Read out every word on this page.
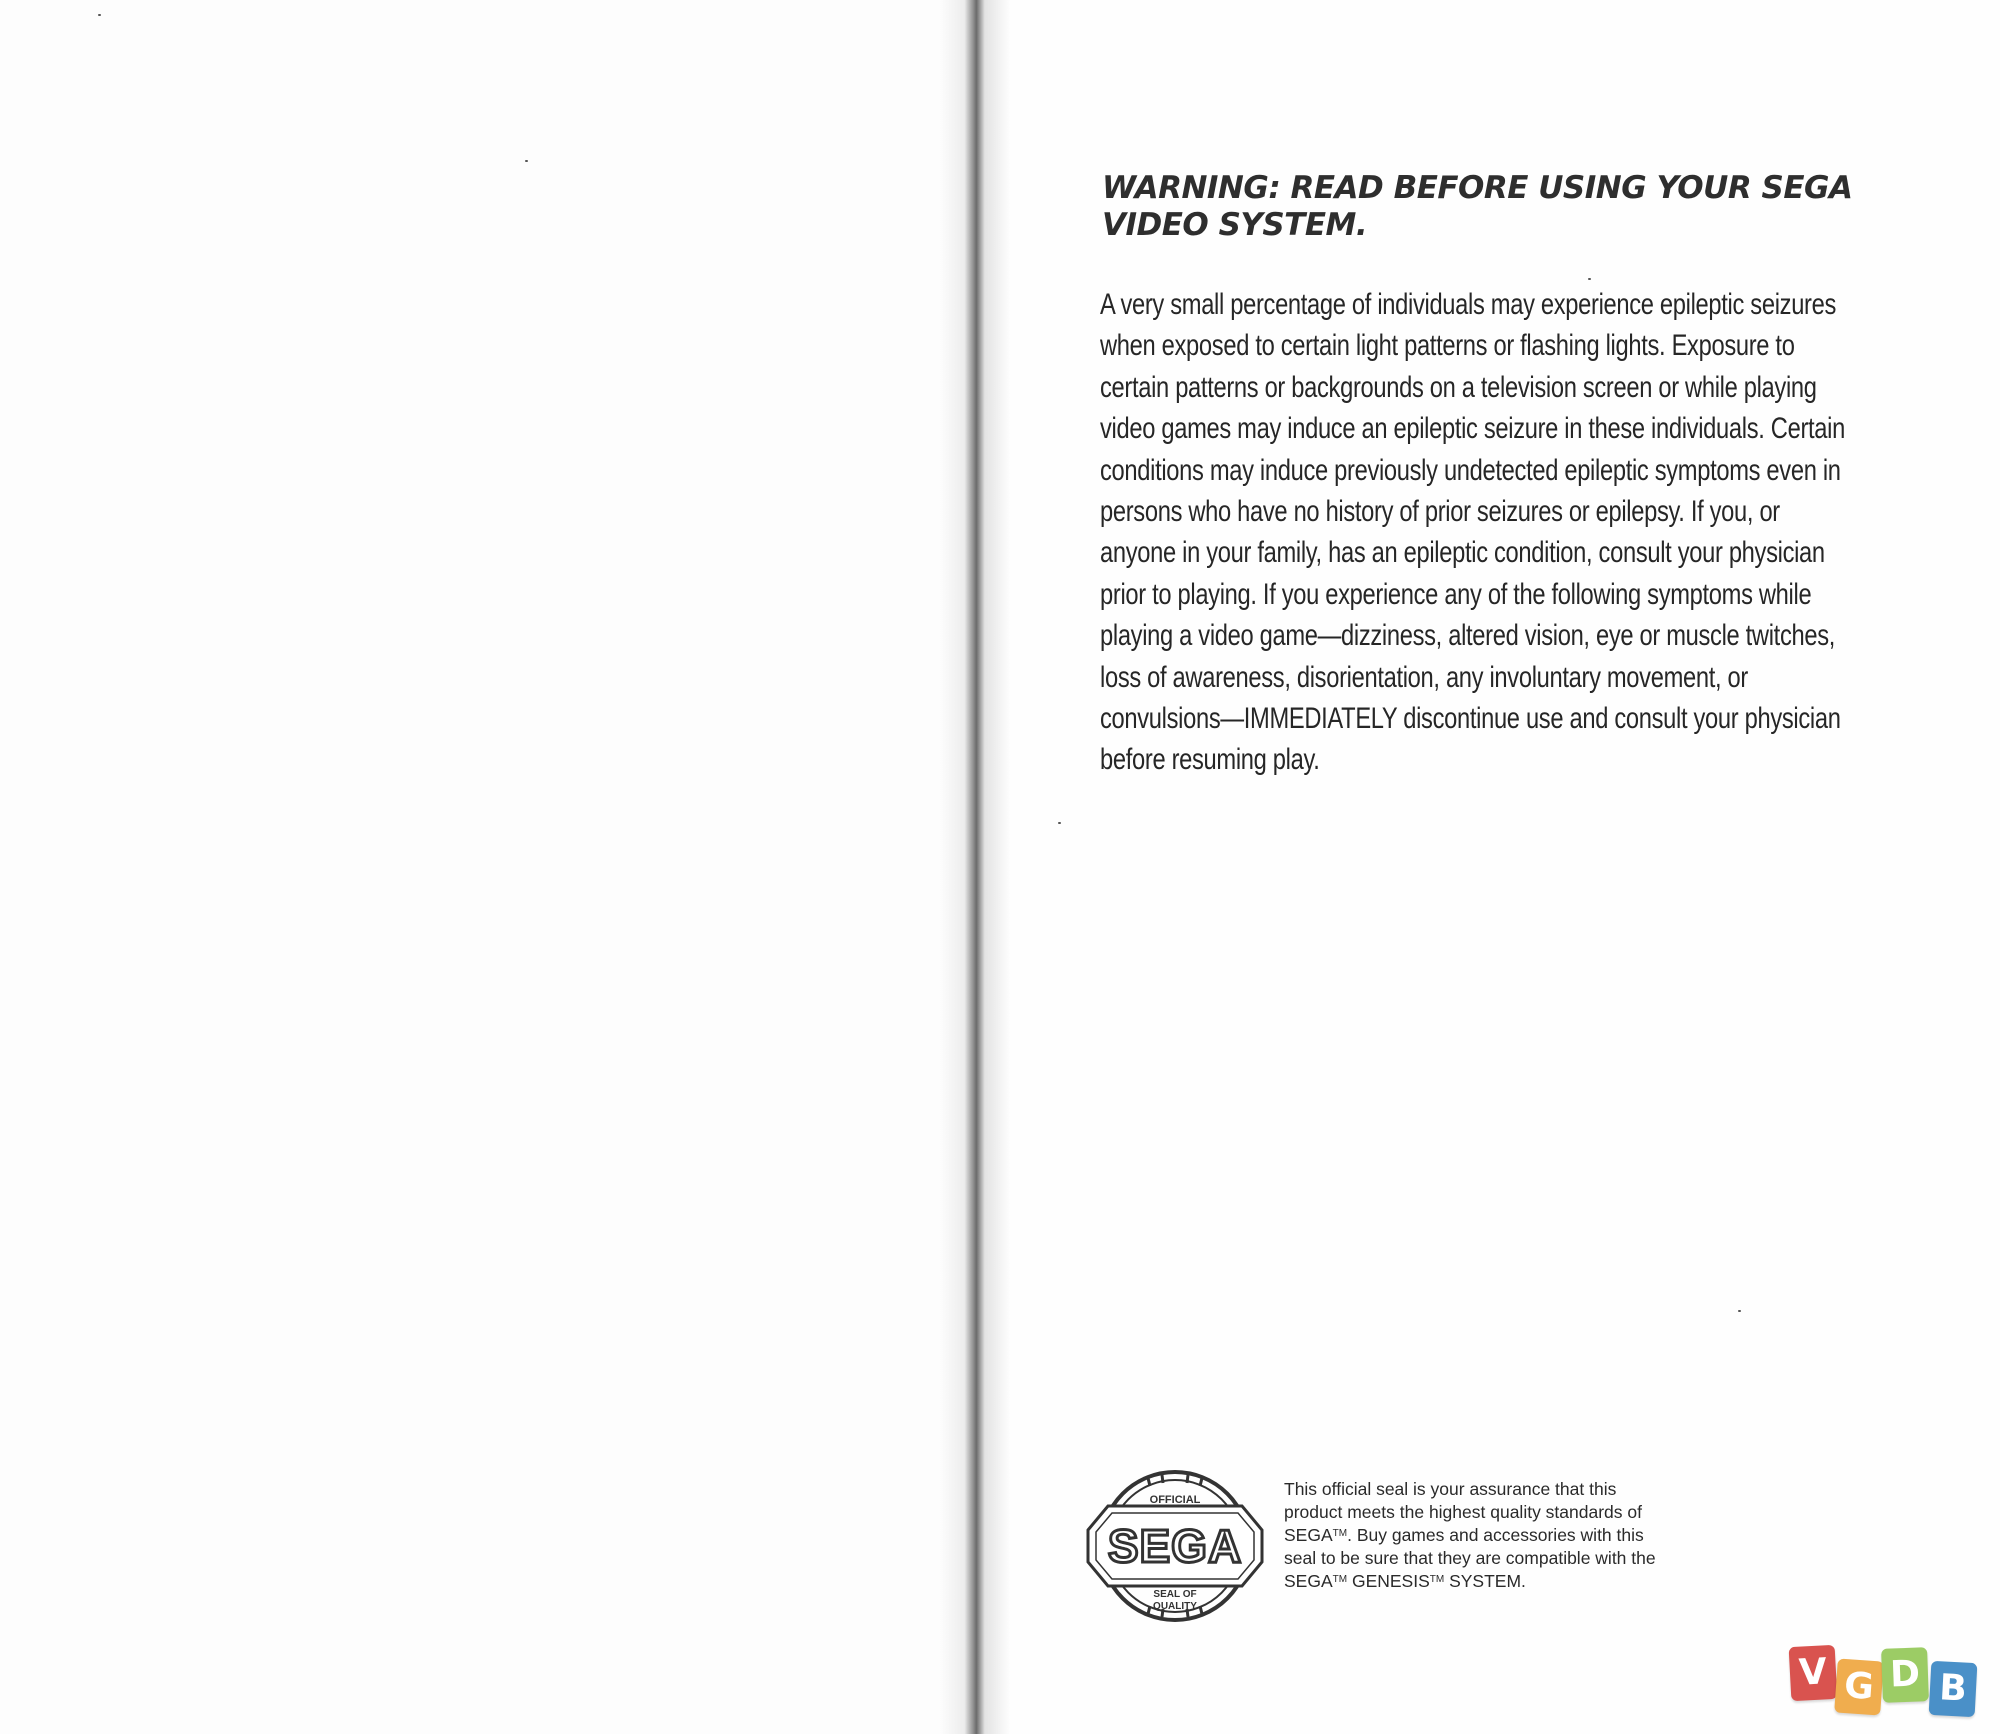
WARNING: READ BEFORE USING YOUR SEGA VIDEO SYSTEM.
A very small percentage of individuals may experience epileptic seizures when exposed to certain light patterns or flashing lights. Exposure to certain patterns or backgrounds on a television screen or while playing video games may induce an epileptic seizure in these individuals. Certain conditions may induce previously undetected epileptic symptoms even in persons who have no history of prior seizures or epilepsy. If you, or anyone in your family, has an epileptic condition, consult your physician prior to playing. If you experience any of the following symptoms while playing a video game—dizziness, altered vision, eye or muscle twitches, loss of awareness, disorientation, any involuntary movement, or convulsions—IMMEDIATELY discontinue use and consult your physician before resuming play.
OFFICIAL
SEGA
SEAL OF
QUALITY
This official seal is your assurance that this product meets the highest quality standards of SEGA™. Buy games and accessories with this seal to be sure that they are compatible with the SEGA™ GENESIS™ SYSTEM.
V G D B
